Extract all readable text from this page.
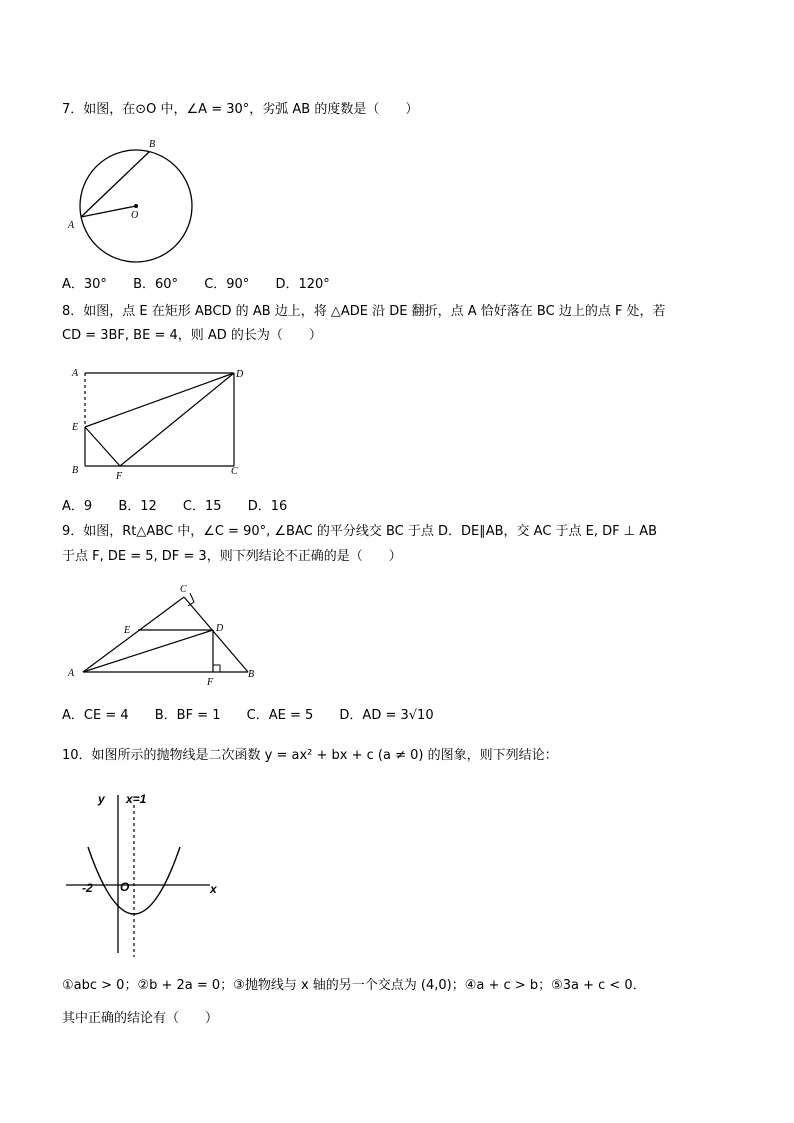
7．如图，在⊙O 中，∠A = 30°，劣弧 AB 的度数是（　　）
B
A
O
A．30° B．60° C．90° D．120°
8．如图，点 E 在矩形 ABCD 的 AB 边上，将 △ADE 沿 DE 翻折，点 A 恰好落在 BC 边上的点 F 处，若
CD = 3BF, BE = 4，则 AD 的长为（　　）
A	D
E
B
F	C
A．9 B．12 C．15 D．16
9．如图，Rt△ABC 中，∠C = 90°, ∠BAC 的平分线交 BC 于点 D．DE∥AB，交 AC 于点 E, DF ⊥ AB
于点 F, DE = 5, DF = 3，则下列结论不正确的是（　　）
C
E	D
A
F
B
A．CE = 4 B．BF = 1 C．AE = 5 D．AD = 3√10
10．如图所示的抛物线是二次函数 y = ax² + bx + c (a ≠ 0) 的图象，则下列结论：
y x=1
-2 O	x
①abc > 0；②b + 2a = 0；③抛物线与 x 轴的另一个交点为 (4,0)；④a + c > b；⑤3a + c < 0．
其中正确的结论有（　　）
